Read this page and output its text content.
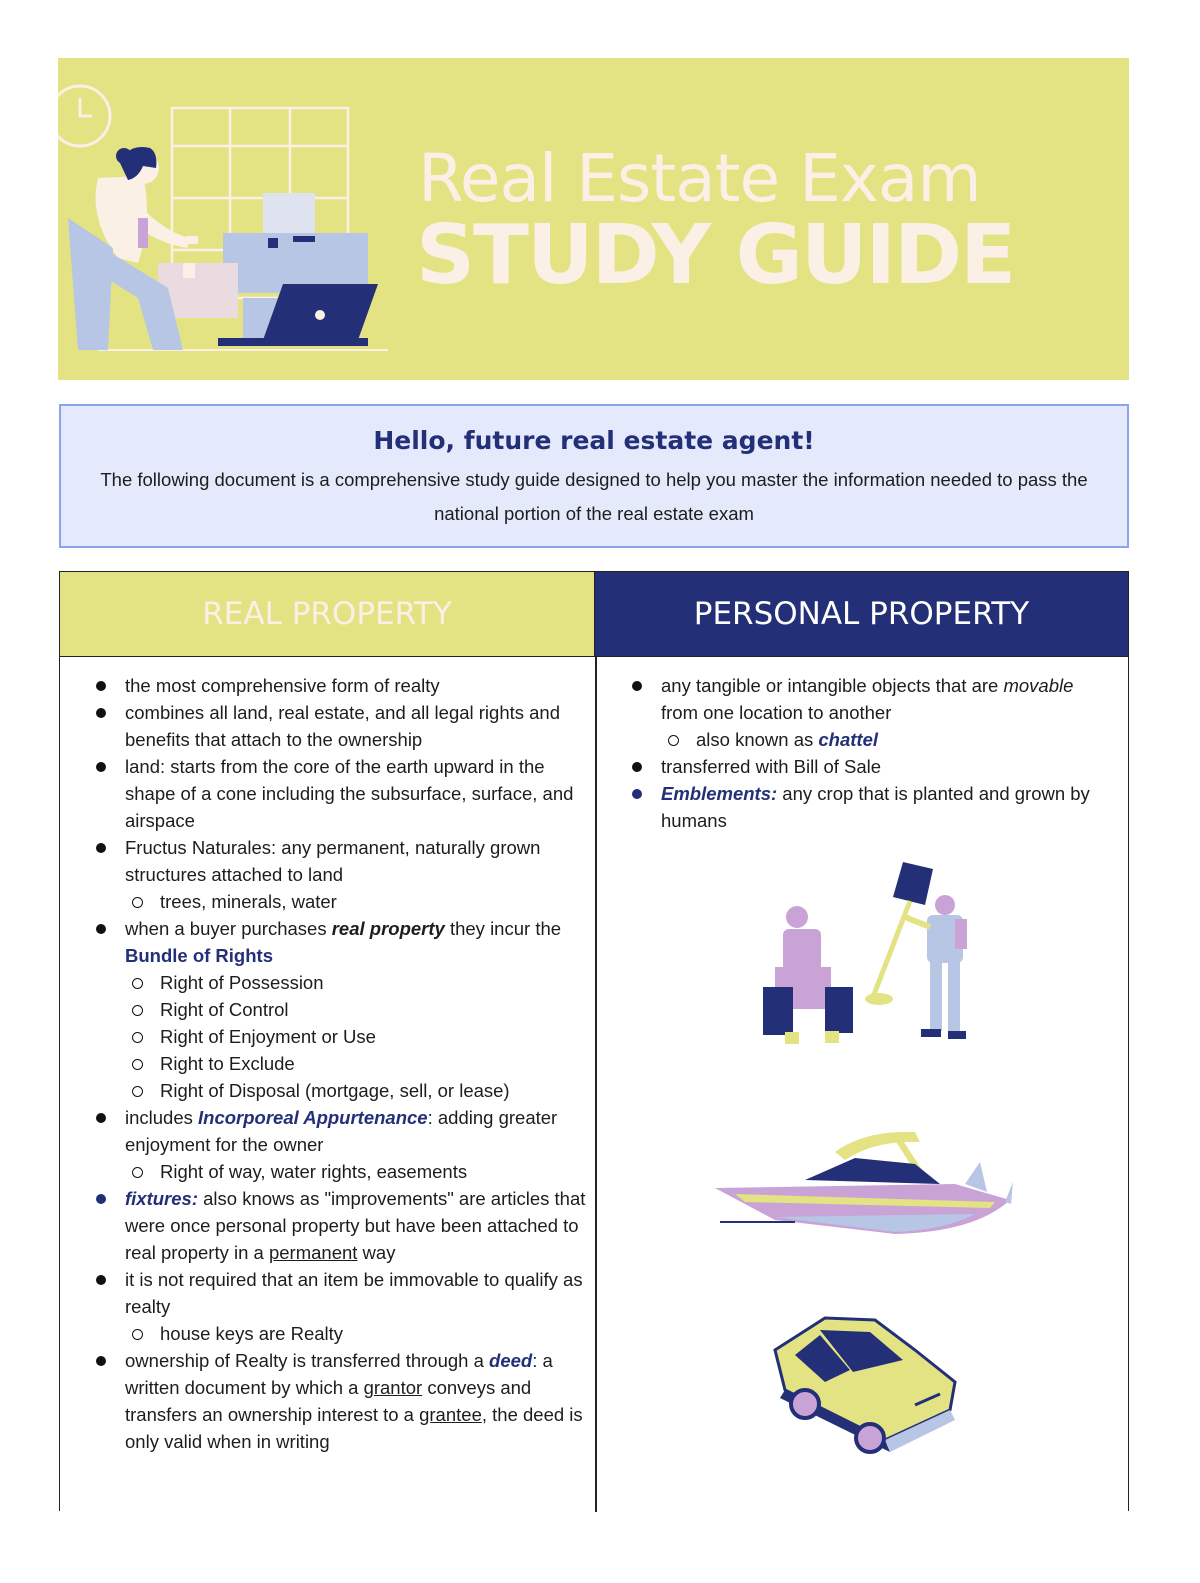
Real Estate Exam
STUDY GUIDE
Hello, future real estate agent!
The following document is a comprehensive study guide designed to help you master the information needed to pass the national portion of the real estate exam
REAL PROPERTY	PERSONAL PROPERTY
the most comprehensive form of realty
combines all land, real estate, and all legal rights and benefits that attach to the ownership
land: starts from the core of the earth upward in the shape of a cone including the subsurface, surface, and airspace
Fructus Naturales: any permanent, naturally grown structures attached to land
trees, minerals, water
when a buyer purchases real property they incur the Bundle of Rights
Right of Possession
Right of Control
Right of Enjoyment or Use
Right to Exclude
Right of Disposal (mortgage, sell, or lease)
includes Incorporeal Appurtenance: adding greater enjoyment for the owner
Right of way, water rights, easements
fixtures: also knows as "improvements" are articles that were once personal property but have been attached to real property in a permanent way
it is not required that an item be immovable to qualify as realty
house keys are Realty
ownership of Realty is transferred through a deed: a written document by which a grantor conveys and transfers an ownership interest to a grantee, the deed is only valid when in writing
any tangible or intangible objects that are movable from one location to another
also known as chattel
transferred with Bill of Sale
Emblements: any crop that is planted and grown by humans
